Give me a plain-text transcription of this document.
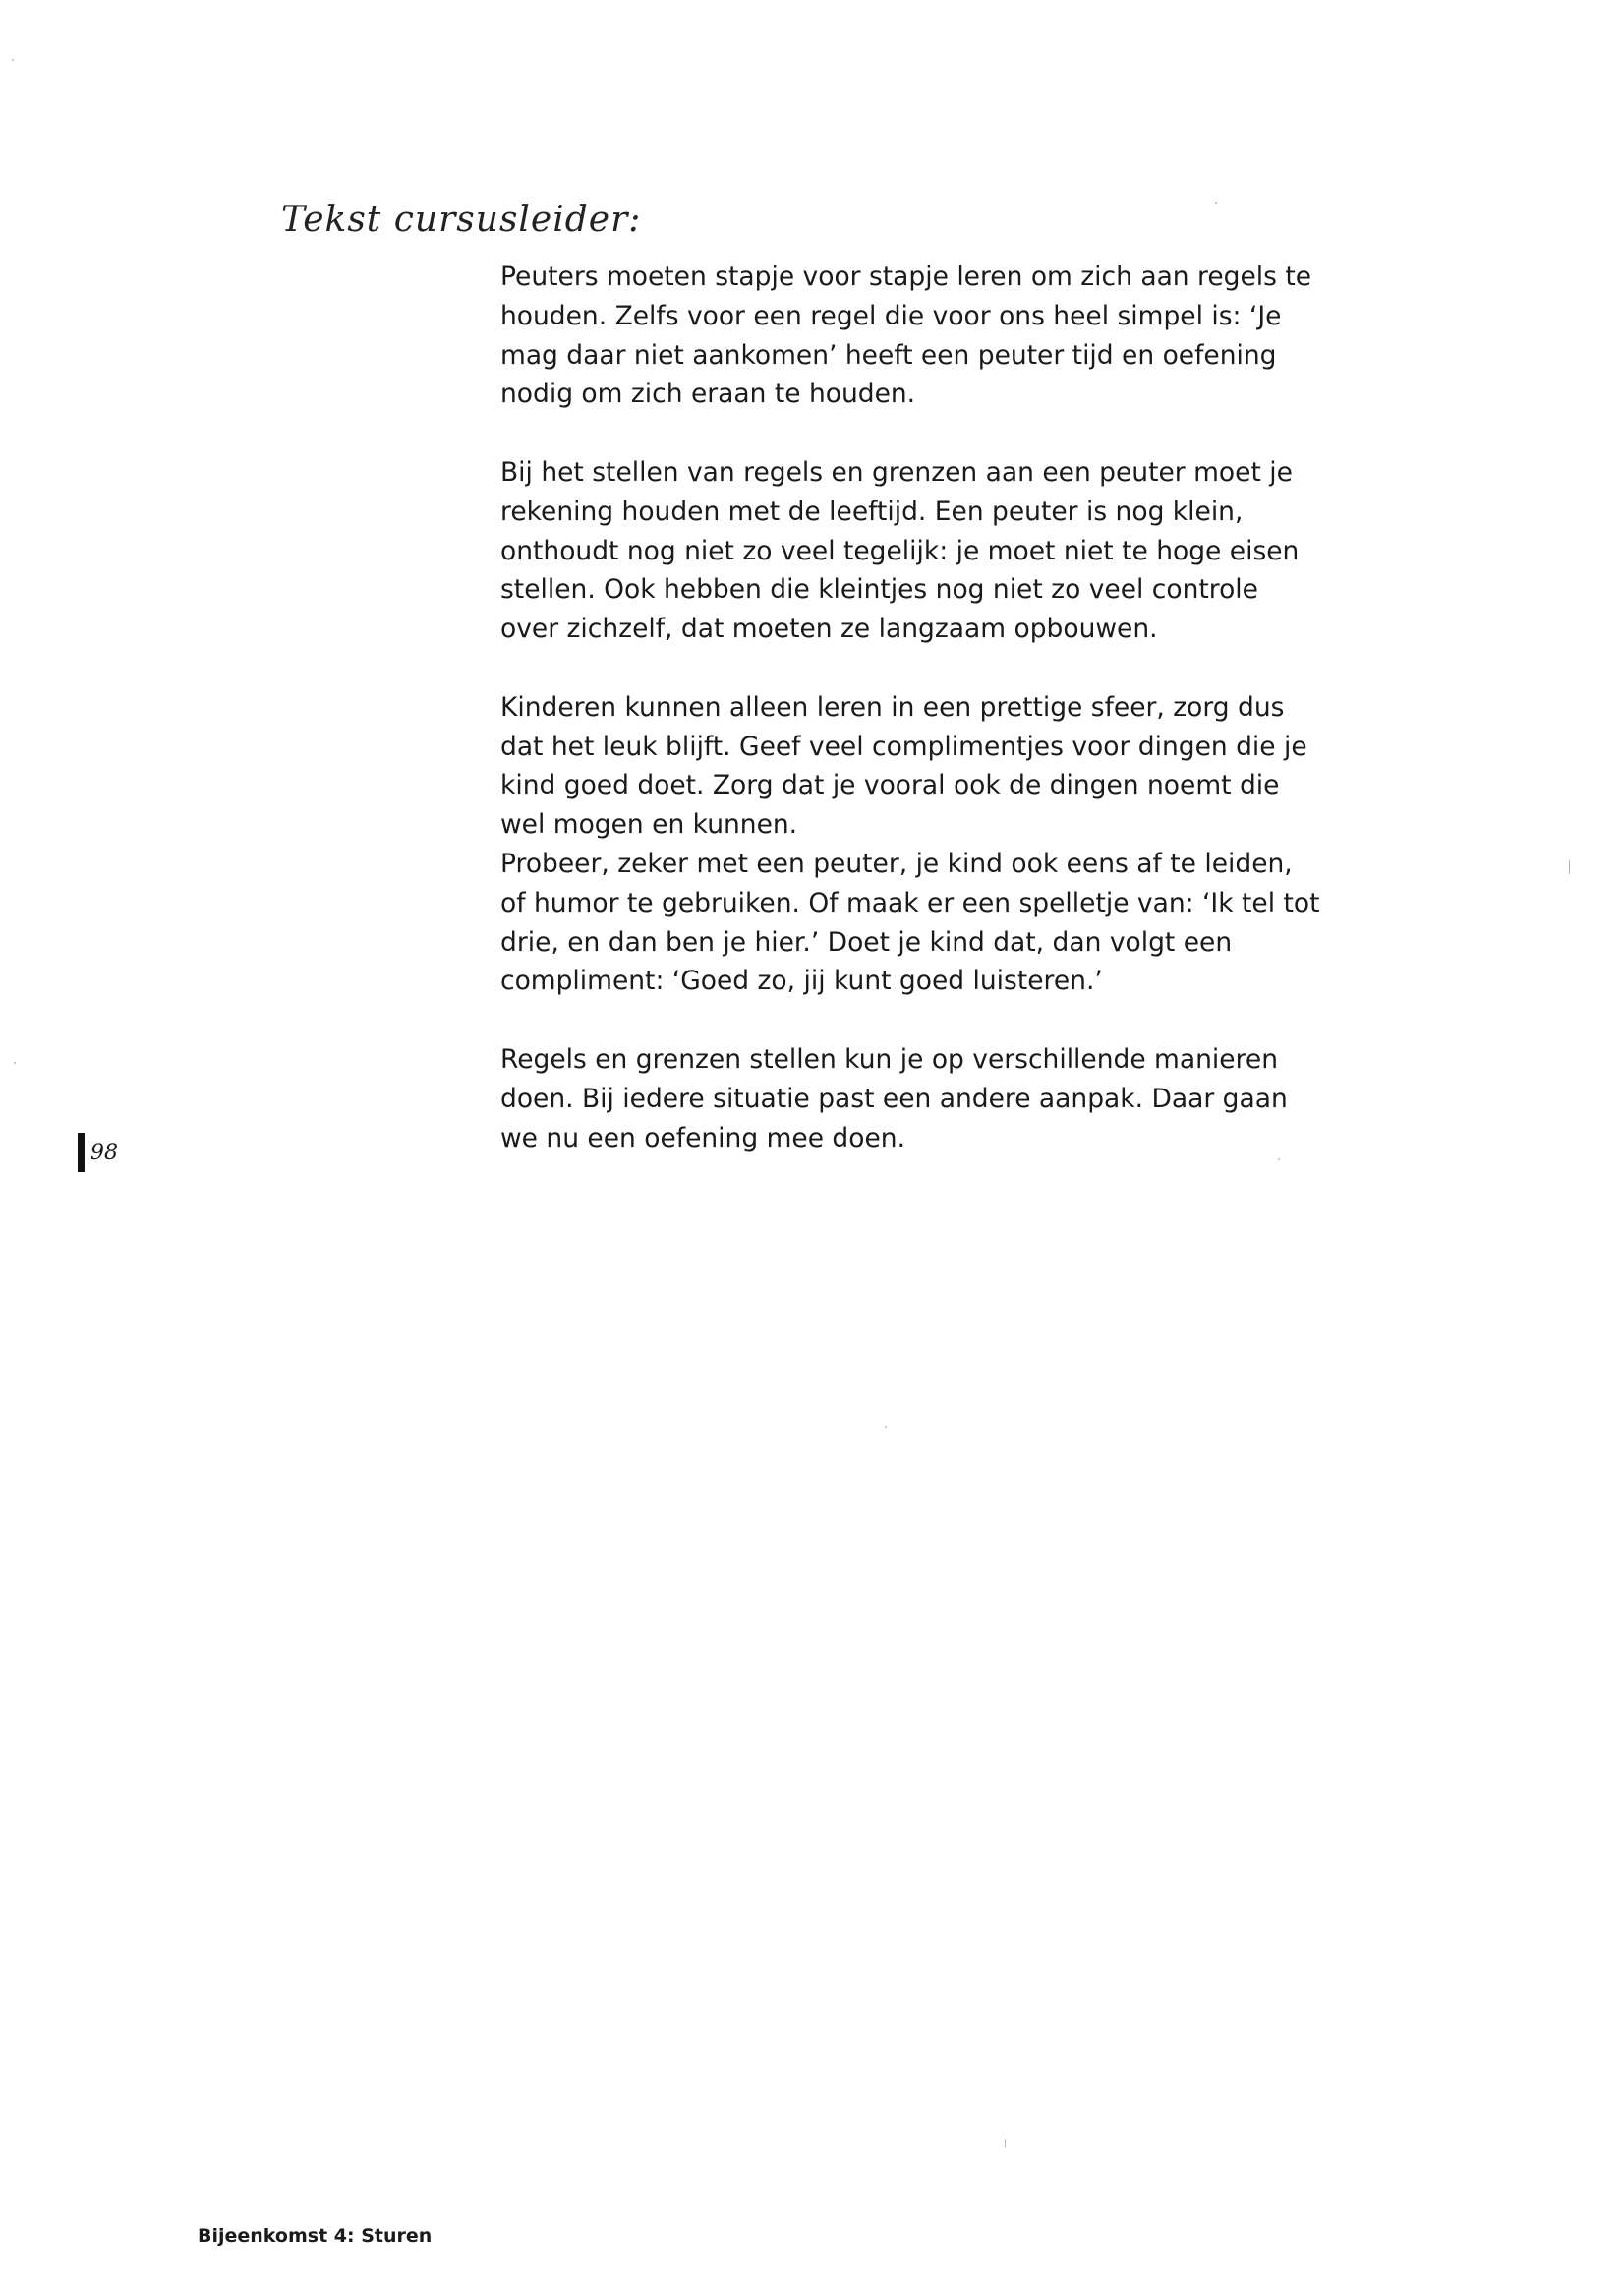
Tekst cursusleider:

Peuters moeten stapje voor stapje leren om zich aan regels te
houden. Zelfs voor een regel die voor ons heel simpel is: ‘Je
mag daar niet aankomen’ heeft een peuter tijd en oefening
nodig om zich eraan te houden.

Bij het stellen van regels en grenzen aan een peuter moet je
rekening houden met de leeftijd. Een peuter is nog klein,
onthoudt nog niet zo veel tegelijk: je moet niet te hoge eisen
stellen. Ook hebben die kleintjes nog niet zo veel controle
over zichzelf, dat moeten ze langzaam opbouwen.

Kinderen kunnen alleen leren in een prettige sfeer, zorg dus
dat het leuk blijft. Geef veel complimentjes voor dingen die je
kind goed doet. Zorg dat je vooral ook de dingen noemt die
wel mogen en kunnen.

Probeer, zeker met een peuter, je kind ook eens af te leiden,
of humor te gebruiken. Of maak er een spelletje van: ‘Ik tel tot
drie, en dan ben je hier.’ Doet je kind dat, dan volgt een
compliment: ‘Goed zo, jij kunt goed luisteren.’

Regels en grenzen stellen kun je op verschillende manieren
doen. Bij iedere situatie past een andere aanpak. Daar gaan
we nu een oefening mee doen.

98
Bijeenkomst 4: Sturen
